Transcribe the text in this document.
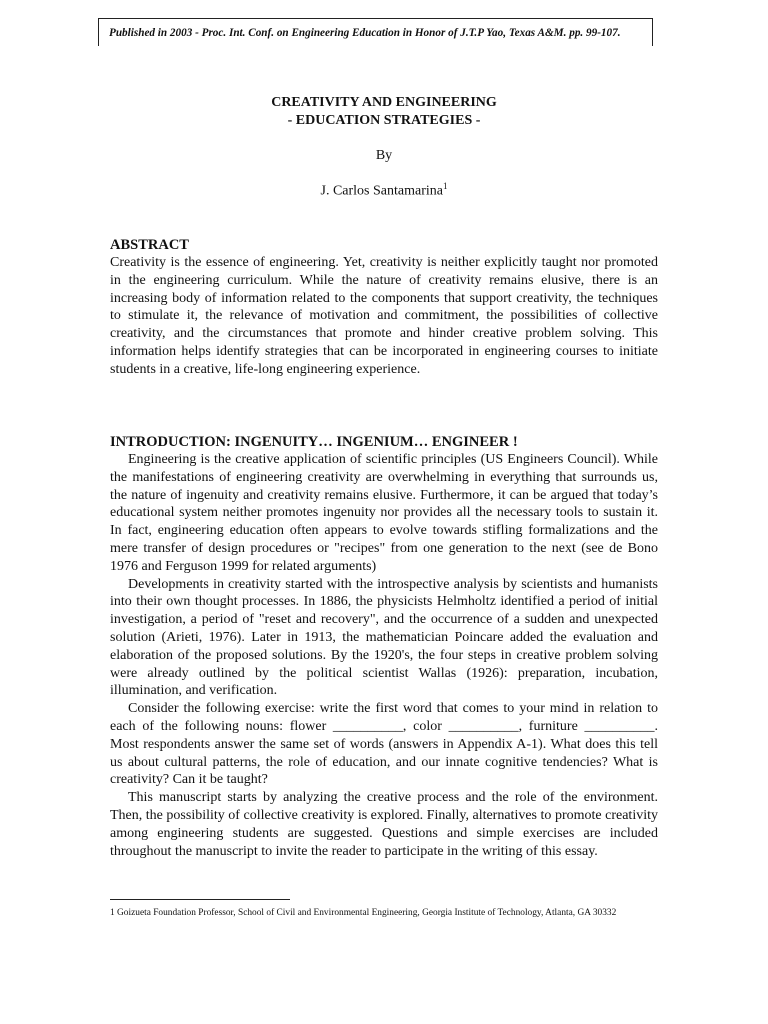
Published in 2003 - Proc. Int. Conf. on Engineering Education in Honor of J.T.P Yao, Texas A&M. pp. 99-107.
CREATIVITY AND ENGINEERING
- EDUCATION STRATEGIES -
By
J. Carlos Santamarina$^1$
ABSTRACT

Creativity is the essence of engineering. Yet, creativity is neither explicitly taught nor promoted in the engineering curriculum. While the nature of creativity remains elusive, there is an increasing body of information related to the components that support creativity, the techniques to stimulate it, the relevance of motivation and commitment, the possibilities of collective creativity, and the circumstances that promote and hinder creative problem solving. This information helps identify strategies that can be incorporated in engineering courses to initiate students in a creative, life-long engineering experience.

INTRODUCTION: INGENUITY… INGENIUM… ENGINEER !

Engineering is the creative application of scientific principles (US Engineers Council). While the manifestations of engineering creativity are overwhelming in everything that surrounds us, the nature of ingenuity and creativity remains elusive. Furthermore, it can be argued that today’s educational system neither promotes ingenuity nor provides all the necessary tools to sustain it. In fact, engineering education often appears to evolve towards stifling formalizations and the mere transfer of design procedures or "recipes" from one generation to the next (see de Bono 1976 and Ferguson 1999 for related arguments)

Developments in creativity started with the introspective analysis by scientists and humanists into their own thought processes. In 1886, the physicists Helmholtz identified a period of initial investigation, a period of "reset and recovery", and the occurrence of a sudden and unexpected solution (Arieti, 1976). Later in 1913, the mathematician Poincare added the evaluation and elaboration of the proposed solutions. By the 1920's, the four steps in creative problem solving were already outlined by the political scientist Wallas (1926): preparation, incubation, illumination, and verification.

Consider the following exercise: write the first word that comes to your mind in relation to each of the following nouns: flower __________, color __________, furniture __________. Most respondents answer the same set of words (answers in Appendix A-1). What does this tell us about cultural patterns, the role of education, and our innate cognitive tendencies? What is creativity? Can it be taught?

This manuscript starts by analyzing the creative process and the role of the environment. Then, the possibility of collective creativity is explored. Finally, alternatives to promote creativity among engineering students are suggested. Questions and simple exercises are included throughout the manuscript to invite the reader to participate in the writing of this essay.

1 Goizueta Foundation Professor, School of Civil and Environmental Engineering, Georgia Institute of Technology, Atlanta, GA 30332
